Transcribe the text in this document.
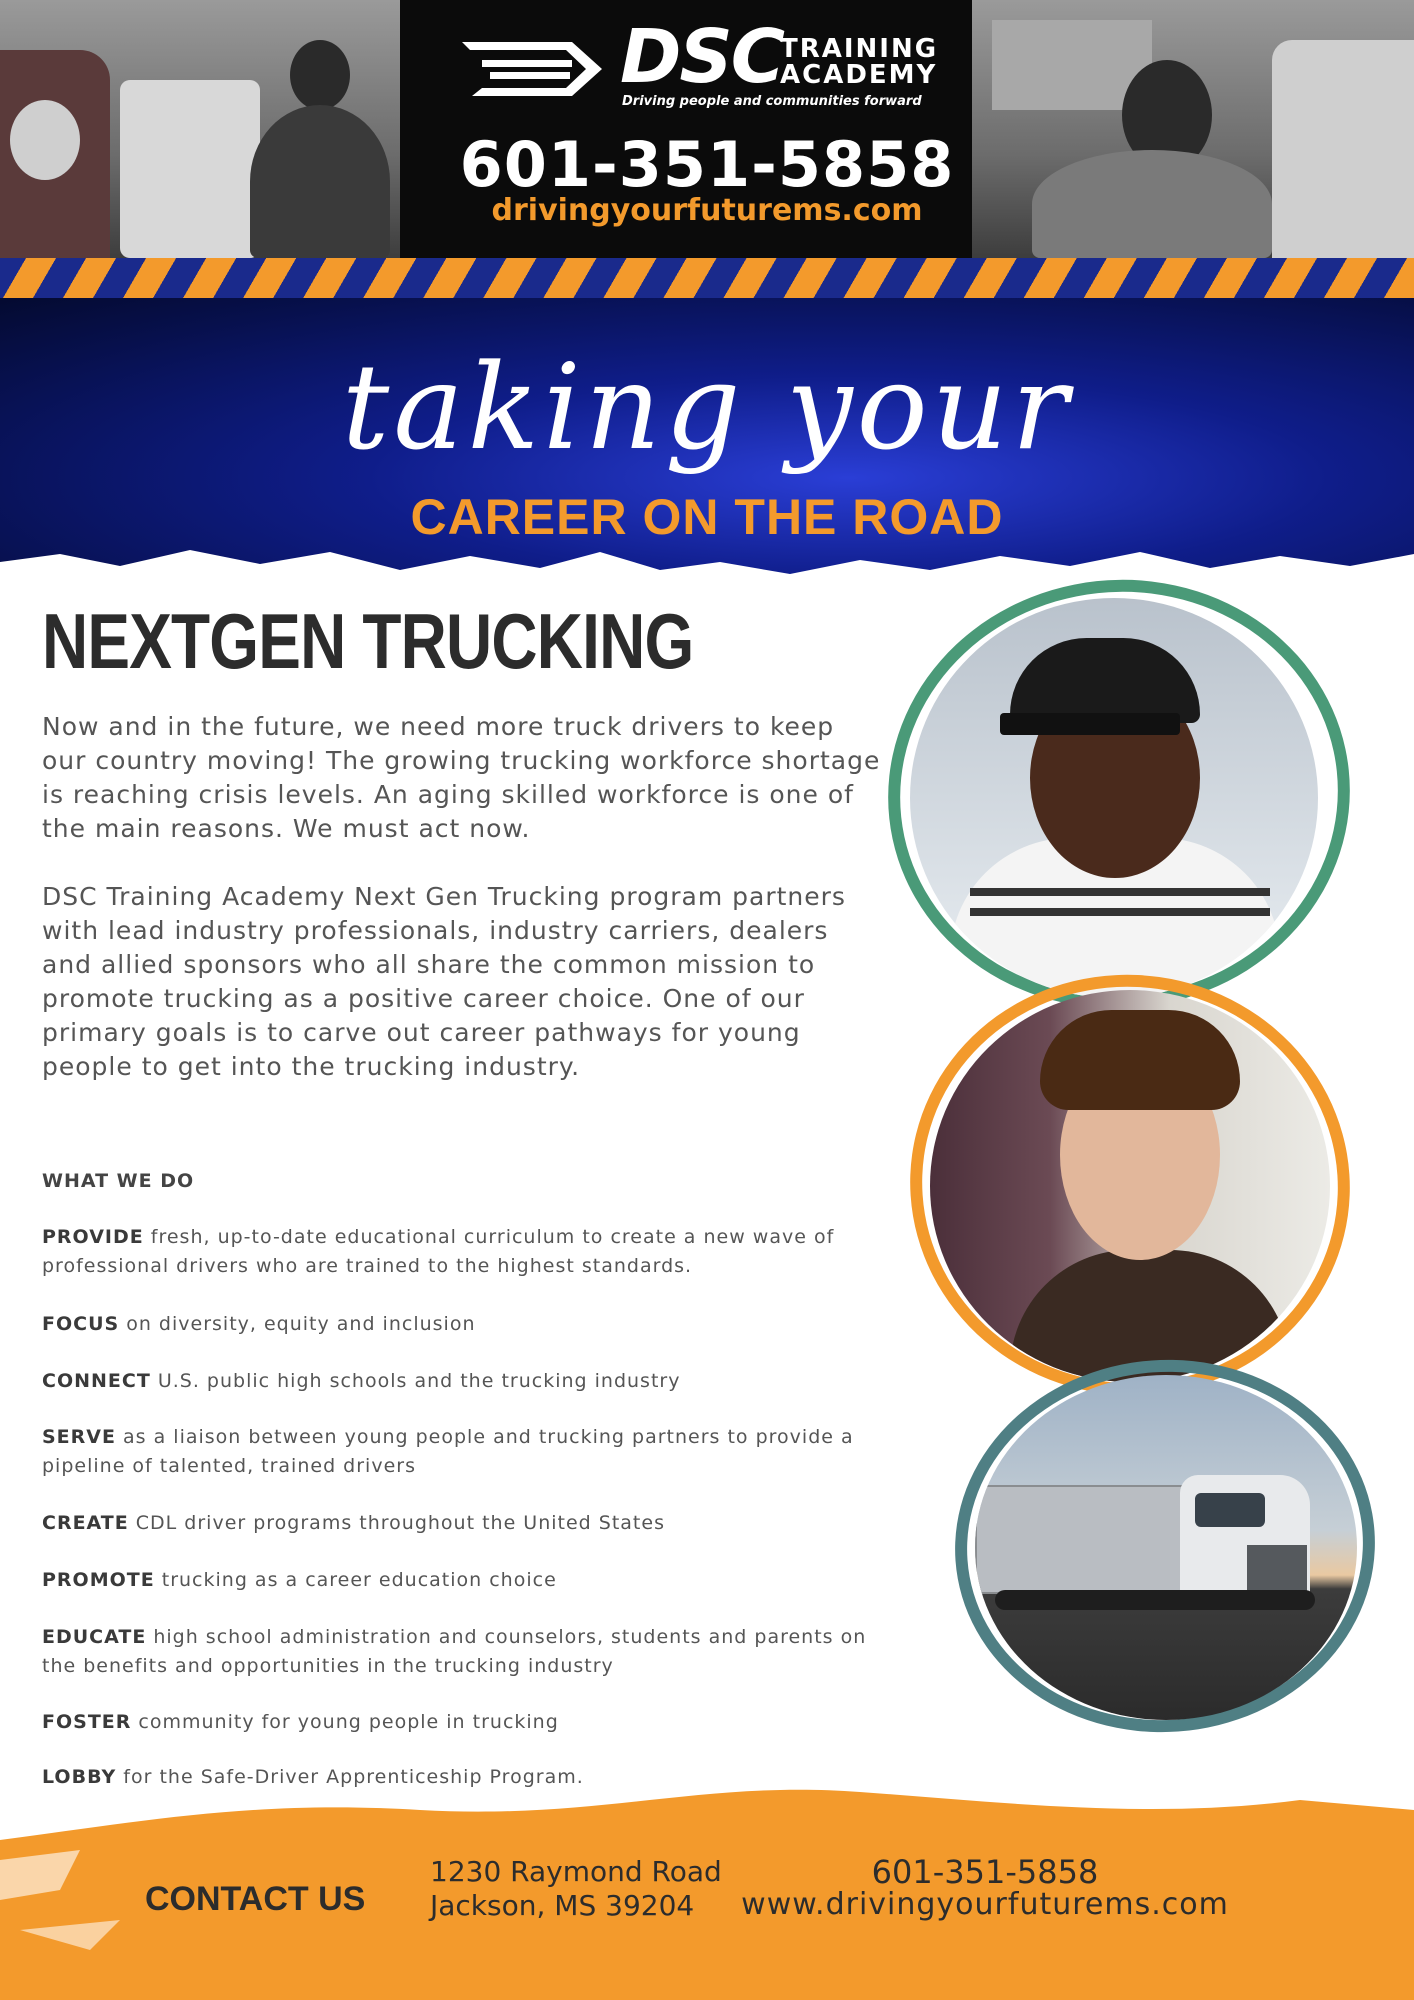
DSC
TRAINING
ACADEMY
Driving people and communities forward
601-351-5858
drivingyourfuturems.com
taking your
CAREER ON THE ROAD
NEXTGEN TRUCKING
Now and in the future, we need more truck drivers to keep our country moving! The growing trucking workforce shortage is reaching crisis levels. An aging skilled workforce is one of the main reasons. We must act now.
DSC Training Academy Next Gen Trucking program partners with lead industry professionals, industry carriers, dealers and allied sponsors who all share the common mission to promote trucking as a positive career choice. One of our primary goals is to carve out career pathways for young people to get into the trucking industry.
WHAT WE DO
PROVIDE fresh, up-to-date educational curriculum to create a new wave of professional drivers who are trained to the highest standards.
FOCUS on diversity, equity and inclusion
CONNECT U.S. public high schools and the trucking industry
SERVE as a liaison between young people and trucking partners to provide a pipeline of talented, trained drivers
CREATE CDL driver programs throughout the United States
PROMOTE trucking as a career education choice
EDUCATE high school administration and counselors, students and parents on the benefits and opportunities in the trucking industry
FOSTER community for young people in trucking
LOBBY for the Safe-Driver Apprenticeship Program.
CONTACT US
1230 Raymond Road
Jackson, MS 39204
601-351-5858
www.drivingyourfuturems.com
